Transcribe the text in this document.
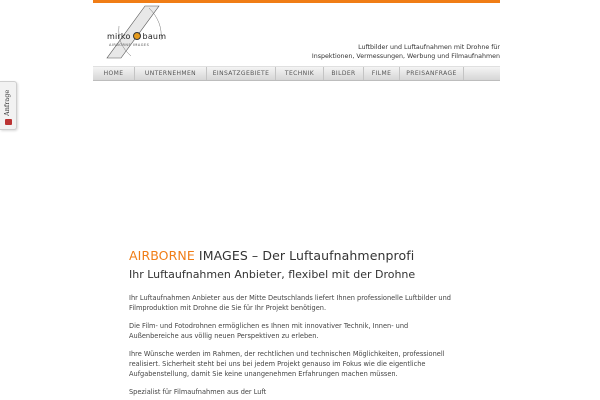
Anfrage
mirko baum
AIRBORNE IMAGES	Luftbilder und Luftaufnahmen mit Drohne für
Inspektionen, Vermessungen, Werbung und Filmaufnahmen
HOME	UNTERNEHMEN	EINSATZGEBIETE	TECHNIK	BILDER	FILME	PREISANFRAGE
AIRBORNE IMAGES – Der Luftaufnahmenprofi
Ihr Luftaufnahmen Anbieter, flexibel mit der Drohne

Ihr Luftaufnahmen Anbieter aus der Mitte Deutschlands liefert Ihnen professionelle Luftbilder und Filmproduktion mit Drohne die Sie für Ihr Projekt benötigen.

Die Film- und Fotodrohnen ermöglichen es Ihnen mit innovativer Technik, Innen- und Außenbereiche aus völlig neuen Perspektiven zu erleben.

Ihre Wünsche werden im Rahmen, der rechtlichen und technischen Möglichkeiten, professionell realisiert. Sicherheit steht bei uns bei jedem Projekt genauso im Fokus wie die eigentliche Aufgabenstellung, damit Sie keine unangenehmen Erfahrungen machen müssen.

Spezialist für Filmaufnahmen aus der Luft
